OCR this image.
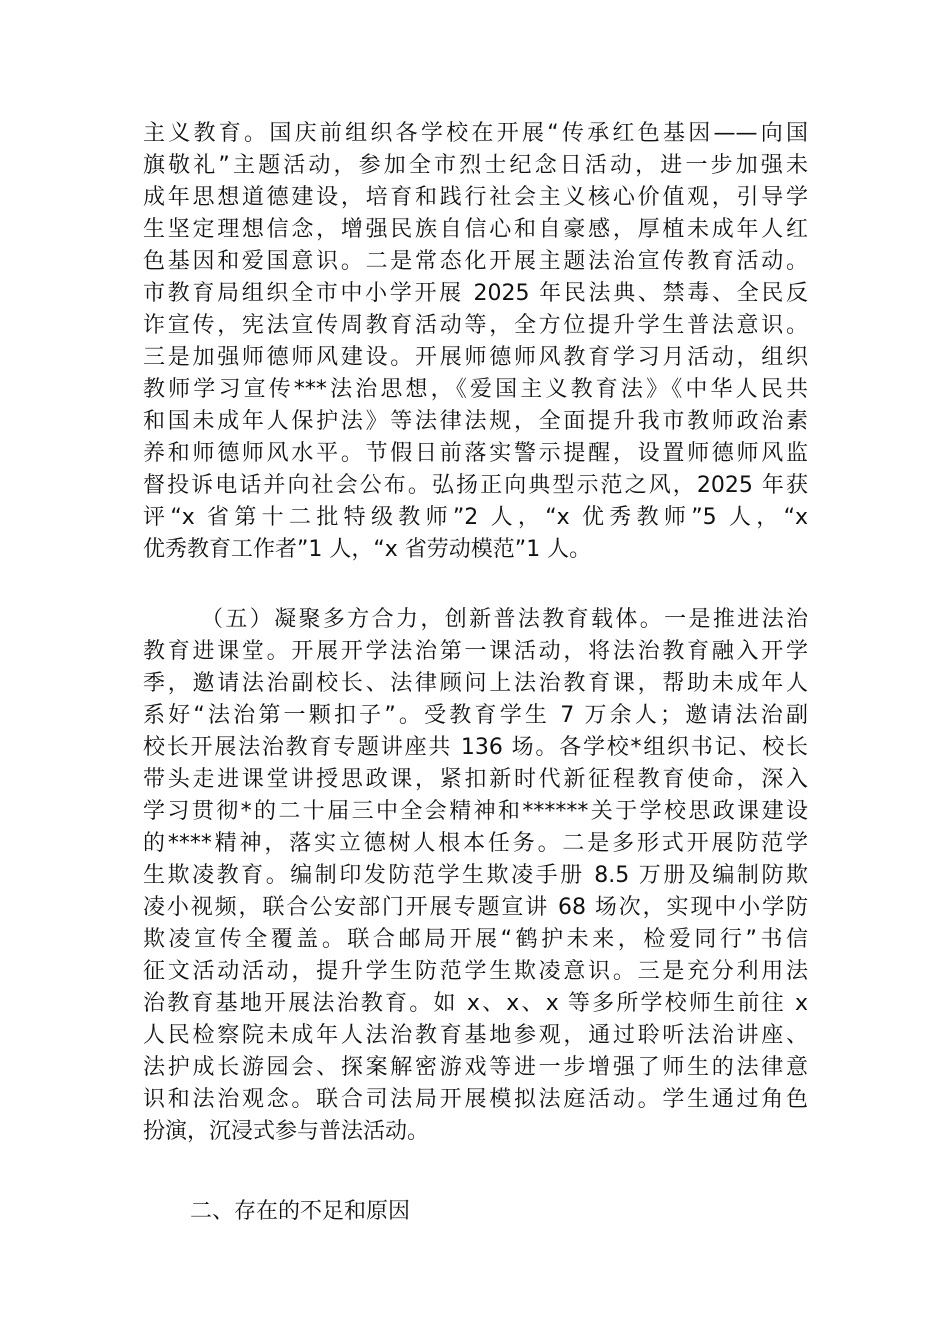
主义教育。国庆前组织各学校在开展“传承红色基因——向国
旗敬礼”主题活动，参加全市烈士纪念日活动，进一步加强未
成年思想道德建设，培育和践行社会主义核心价值观，引导学
生坚定理想信念，增强民族自信心和自豪感，厚植未成年人红
色基因和爱国意识。二是常态化开展主题法治宣传教育活动。
市教育局组织全市中小学开展 2025 年民法典、禁毒、全民反
诈宣传，宪法宣传周教育活动等，全方位提升学生普法意识。
三是加强师德师风建设。开展师德师风教育学习月活动，组织
教师学习宣传***法治思想，《爱国主义教育法》《中华人民共
和国未成年人保护法》等法律法规，全面提升我市教师政治素
养和师德师风水平。节假日前落实警示提醒，设置师德师风监
督投诉电话并向社会公布。弘扬正向典型示范之风，2025 年获
评“x 省第十二批特级教师”2 人，“x 优秀教师”5 人，“x
优秀教育工作者”1 人，“x 省劳动模范”1 人。
（五）凝聚多方合力，创新普法教育载体。一是推进法治
教育进课堂。开展开学法治第一课活动，将法治教育融入开学
季，邀请法治副校长、法律顾问上法治教育课，帮助未成年人
系好“法治第一颗扣子”。受教育学生 7 万余人；邀请法治副
校长开展法治教育专题讲座共 136 场。各学校*组织书记、校长
带头走进课堂讲授思政课，紧扣新时代新征程教育使命，深入
学习贯彻*的二十届三中全会精神和******关于学校思政课建设
的****精神，落实立德树人根本任务。二是多形式开展防范学
生欺凌教育。编制印发防范学生欺凌手册 8.5 万册及编制防欺
凌小视频，联合公安部门开展专题宣讲 68 场次，实现中小学防
欺凌宣传全覆盖。联合邮局开展“鹤护未来，检爱同行”书信
征文活动活动，提升学生防范学生欺凌意识。三是充分利用法
治教育基地开展法治教育。如 x、x、x 等多所学校师生前往 x
人民检察院未成年人法治教育基地参观，通过聆听法治讲座、
法护成长游园会、探案解密游戏等进一步增强了师生的法律意
识和法治观念。联合司法局开展模拟法庭活动。学生通过角色
扮演，沉浸式参与普法活动。
二、存在的不足和原因
